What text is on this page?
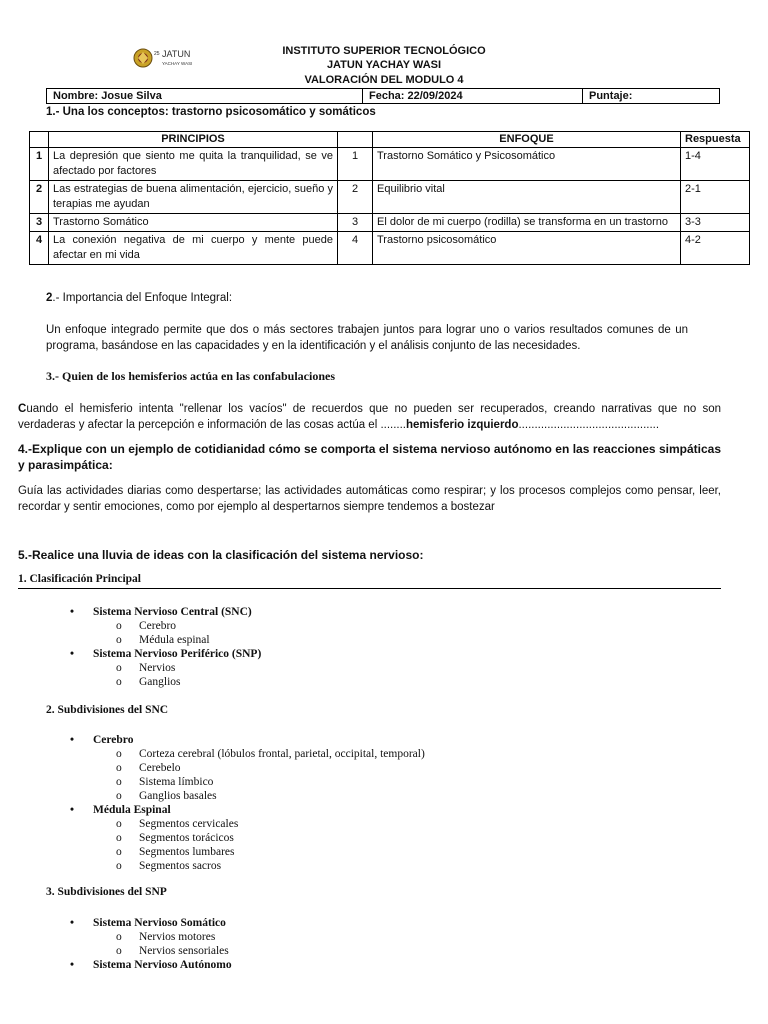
25 JATUN
YACHAY WASI
INSTITUTO SUPERIOR TECNOLÓGICO
JATUN YACHAY WASI
VALORACIÓN DEL MODULO 4
Nombre: Josue Silva	Fecha: 22/09/2024	Puntaje:
1.- Una los conceptos: trastorno psicosomático y somáticos
	PRINCIPIOS		ENFOQUE	Respuesta
1	La depresión que siento me quita la tranquilidad, se ve afectado por factores	1	Trastorno Somático y Psicosomático	1-4
2	Las estrategias de buena alimentación, ejercicio, sueño y terapias me ayudan	2	Equilibrio vital	2-1
3	Trastorno Somático	3	El dolor de mi cuerpo (rodilla) se transforma en un trastorno	3-3
4	La conexión negativa de mi cuerpo y mente puede afectar en mi vida	4	Trastorno psicosomático	4-2
2.- Importancia del Enfoque Integral:
Un enfoque integrado permite que dos o más sectores trabajen juntos para lograr uno o varios resultados comunes de un programa, basándose en las capacidades y en la identificación y el análisis conjunto de las necesidades.
3.- Quien de los hemisferios actúa en las confabulaciones
Cuando el hemisferio intenta "rellenar los vacíos" de recuerdos que no pueden ser recuperados, creando narrativas que no son verdaderas y afectar la percepción e información de las cosas actúa el ........hemisferio izquierdo............................................
4.-Explique con un ejemplo de cotidianidad cómo se comporta el sistema nervioso autónomo en las reacciones simpáticas y parasimpática:
Guía las actividades diarias como despertarse; las actividades automáticas como respirar; y los procesos complejos como pensar, leer, recordar y sentir emociones, como por ejemplo al despertarnos siempre tendemos a bostezar
5.-Realice una lluvia de ideas con la clasificación del sistema nervioso:
1. Clasificación Principal
• Sistema Nervioso Central (SNC)
o Cerebro
o Médula espinal
• Sistema Nervioso Periférico (SNP)
o Nervios
o Ganglios
2. Subdivisiones del SNC
• Cerebro
o Corteza cerebral (lóbulos frontal, parietal, occipital, temporal)
o Cerebelo
o Sistema límbico
o Ganglios basales
• Médula Espinal
o Segmentos cervicales
o Segmentos torácicos
o Segmentos lumbares
o Segmentos sacros
3. Subdivisiones del SNP
• Sistema Nervioso Somático
o Nervios motores
o Nervios sensoriales
• Sistema Nervioso Autónomo
